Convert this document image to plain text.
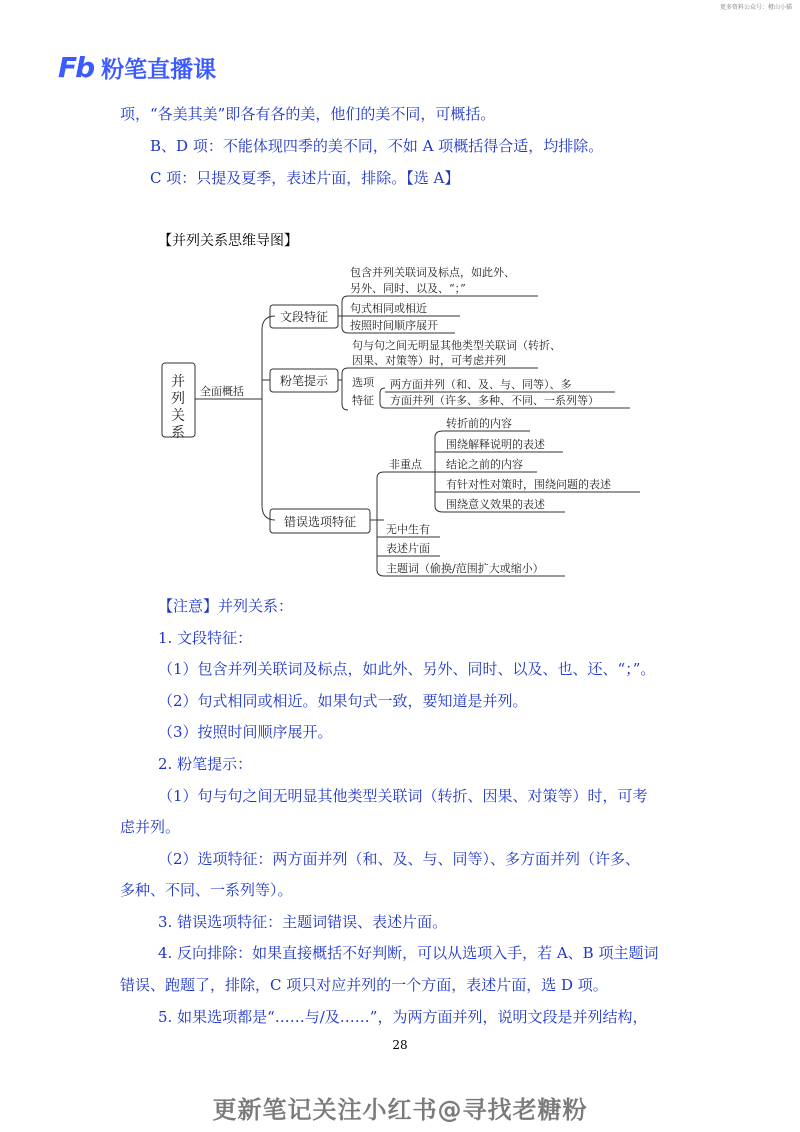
更多资料公众号：橙山小猫
Fb 粉笔直播课
项，“各美其美”即各有各的美，他们的美不同，可概括。
B、D 项：不能体现四季的美不同，不如 A 项概括得合适，均排除。
C 项：只提及夏季，表述片面，排除。【选 A】
【并列关系思维导图】
并
列
关
系
全面概括
文段特征
粉笔提示
错误选项特征
包含并列关联词及标点，如此外、
另外、同时、以及、“；”
句式相同或相近
按照时间顺序展开
句与句之间无明显其他类型关联词（转折、
因果、对策等）时，可考虑并列
选项
特征
两方面并列（和、及、与、同等）、多
方面并列（许多、多种、不同、一系列等）
非重点
转折前的内容
围绕解释说明的表述
结论之前的内容
有针对性对策时，围绕问题的表述
围绕意义效果的表述
无中生有
表述片面
主题词（偷换/范围扩大或缩小）
【注意】并列关系：
1. 文段特征：
（1）包含并列关联词及标点，如此外、另外、同时、以及、也、还、“；”。
（2）句式相同或相近。如果句式一致，要知道是并列。
（3）按照时间顺序展开。
2. 粉笔提示：
（1）句与句之间无明显其他类型关联词（转折、因果、对策等）时，可考
虑并列。
（2）选项特征：两方面并列（和、及、与、同等）、多方面并列（许多、
多种、不同、一系列等）。
3. 错误选项特征：主题词错误、表述片面。
4. 反向排除：如果直接概括不好判断，可以从选项入手，若 A、B 项主题词
错误、跑题了，排除，C 项只对应并列的一个方面，表述片面，选 D 项。
5. 如果选项都是“……与/及……”，为两方面并列，说明文段是并列结构，
28
更新笔记关注小红书@寻找老糖粉
